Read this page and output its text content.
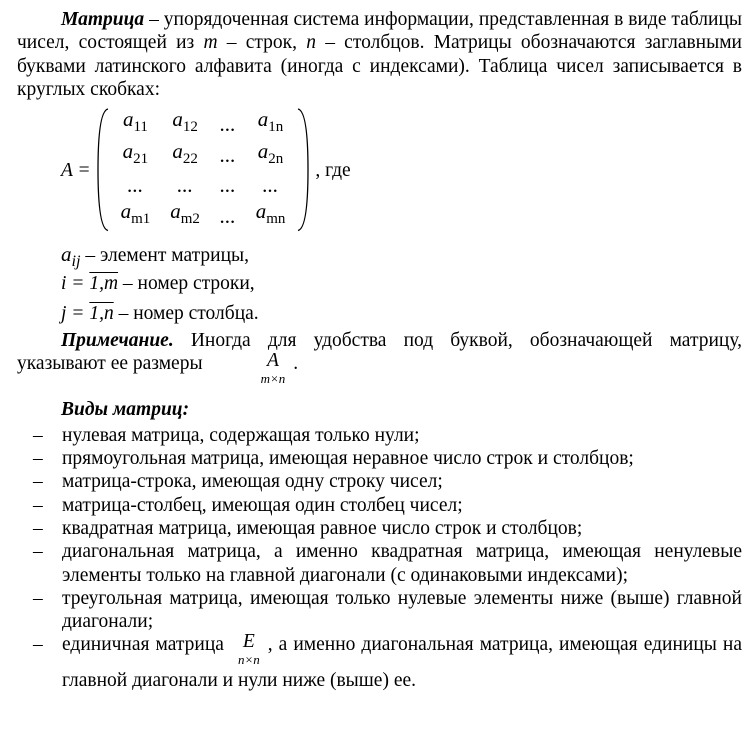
Матрица – упорядоченная система информации, представленная в виде таблицы чисел, состоящей из m – строк, n – столбцов. Матрицы обозначаются заглавными буквами латинского алфавита (иногда с индексами). Таблица чисел записывается в круглых скобках:

A =
$a_{11}$	$a_{12}$	...	$a_{1n}$
$a_{21}$	$a_{22}$	...	$a_{2n}$
...	...	...	...
$a_{m1}$	$a_{m2}$	...	$a_{mn}$
, где
$a_{ij}$ – элемент матрицы,
i = 1,m – номер строки,
j = 1,n – номер столбца.

Примечание. Иногда для удобства под буквой, обозначающей матрицу, указывают ее размеры	A
m×n
.

Виды матриц:
– нулевая матрица, содержащая только нули;
– прямоугольная матрица, имеющая неравное число строк и столбцов;
– матрица-строка, имеющая одну строку чисел;
– матрица-столбец, имеющая один столбец чисел;
– квадратная матрица, имеющая равное число строк и столбцов;
– диагональная матрица, а именно квадратная матрица, имеющая ненулевые элементы только на главной диагонали (с одинаковыми индексами);
– треугольная матрица, имеющая только нулевые элементы ниже (выше) главной диагонали;
– единичная матрица E
n×n
, а именно диагональная матрица, имеющая единицы на главной диагонали и нули ниже (выше) ее.
